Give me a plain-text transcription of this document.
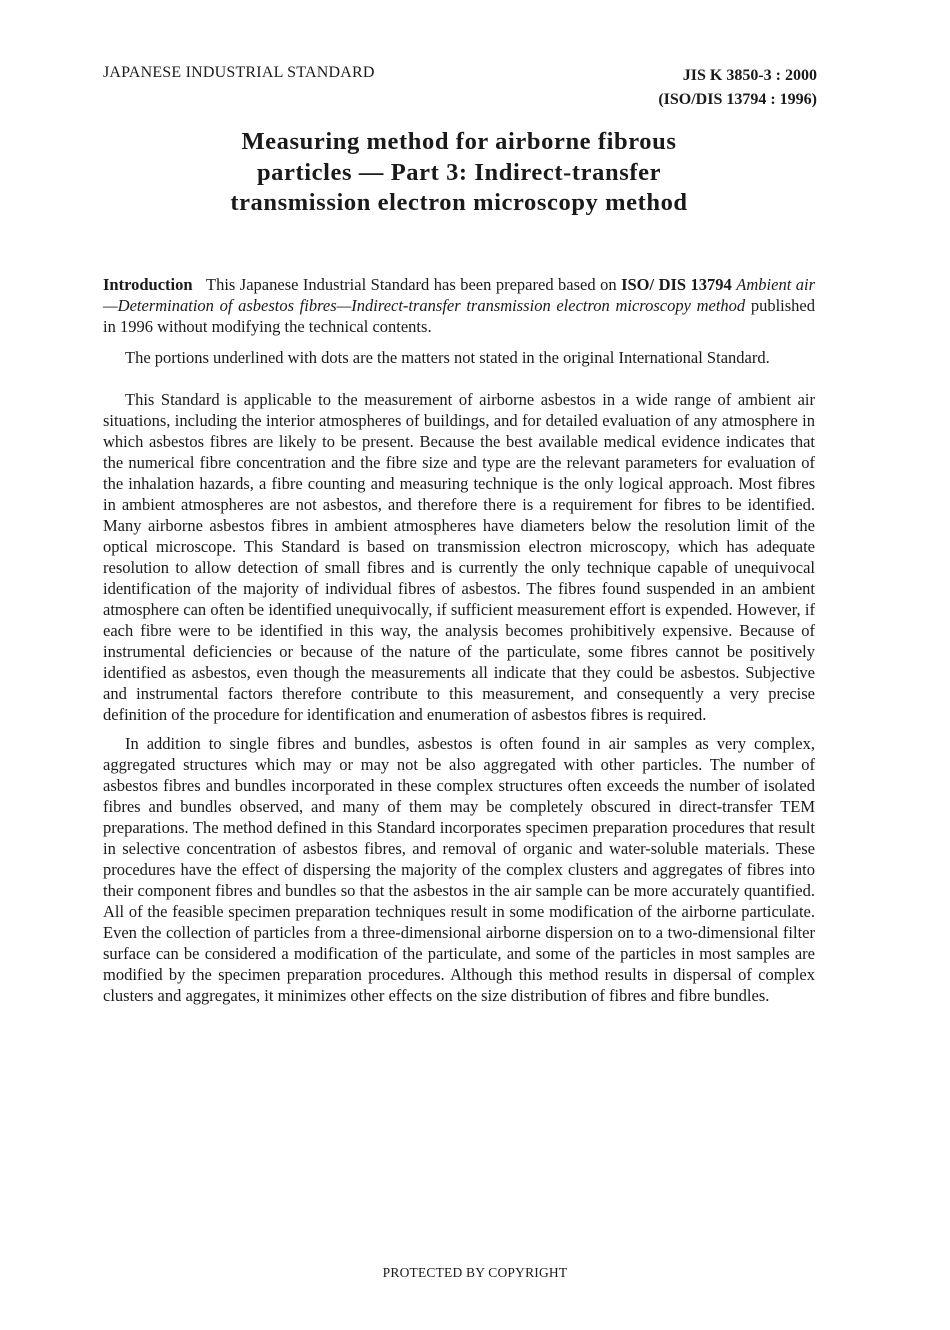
JAPANESE INDUSTRIAL STANDARD	JIS K 3850-3 : 2000
(ISO/DIS 13794 : 1996)
Measuring method for airborne fibrous
particles — Part 3: Indirect-transfer
transmission electron microscopy method

Introduction This Japanese Industrial Standard has been prepared based on ISO/ DIS 13794 Ambient air—Determination of asbestos fibres—Indirect-transfer transmission electron microscopy method published in 1996 without modifying the technical contents.

The portions underlined with dots are the matters not stated in the original International Standard.

This Standard is applicable to the measurement of airborne asbestos in a wide range of ambient air situations, including the interior atmospheres of buildings, and for detailed evaluation of any atmosphere in which asbestos fibres are likely to be present. Because the best available medical evidence indicates that the numerical fibre concentration and the fibre size and type are the relevant parameters for evaluation of the inhalation hazards, a fibre counting and measuring technique is the only logical approach. Most fibres in ambient atmospheres are not asbestos, and therefore there is a requirement for fibres to be identified. Many airborne asbestos fibres in ambient atmospheres have diameters below the resolution limit of the optical microscope. This Standard is based on transmission electron microscopy, which has adequate resolution to allow detection of small fibres and is currently the only technique capable of unequivocal identification of the majority of individual fibres of asbestos. The fibres found suspended in an ambient atmosphere can often be identified unequivocally, if sufficient measurement effort is expended. However, if each fibre were to be identified in this way, the analysis becomes prohibitively expensive. Because of instrumental deficiencies or because of the nature of the particulate, some fibres cannot be positively identified as asbestos, even though the measurements all indicate that they could be asbestos. Subjective and instrumental factors therefore contribute to this measurement, and consequently a very precise definition of the procedure for identification and enumeration of asbestos fibres is required.

In addition to single fibres and bundles, asbestos is often found in air samples as very complex, aggregated structures which may or may not be also aggregated with other particles. The number of asbestos fibres and bundles incorporated in these complex structures often exceeds the number of isolated fibres and bundles observed, and many of them may be completely obscured in direct-transfer TEM preparations. The method defined in this Standard incorporates specimen preparation procedures that result in selective concentration of asbestos fibres, and removal of organic and water-soluble materials. These procedures have the effect of dispersing the majority of the complex clusters and aggregates of fibres into their component fibres and bundles so that the asbestos in the air sample can be more accurately quantified. All of the feasible specimen preparation techniques result in some modification of the airborne particulate. Even the collection of particles from a three-dimensional airborne dispersion on to a two-dimensional filter surface can be considered a modification of the particulate, and some of the particles in most samples are modified by the specimen preparation procedures. Although this method results in dispersal of complex clusters and aggregates, it minimizes other effects on the size distribution of fibres and fibre bundles.

PROTECTED BY COPYRIGHT
